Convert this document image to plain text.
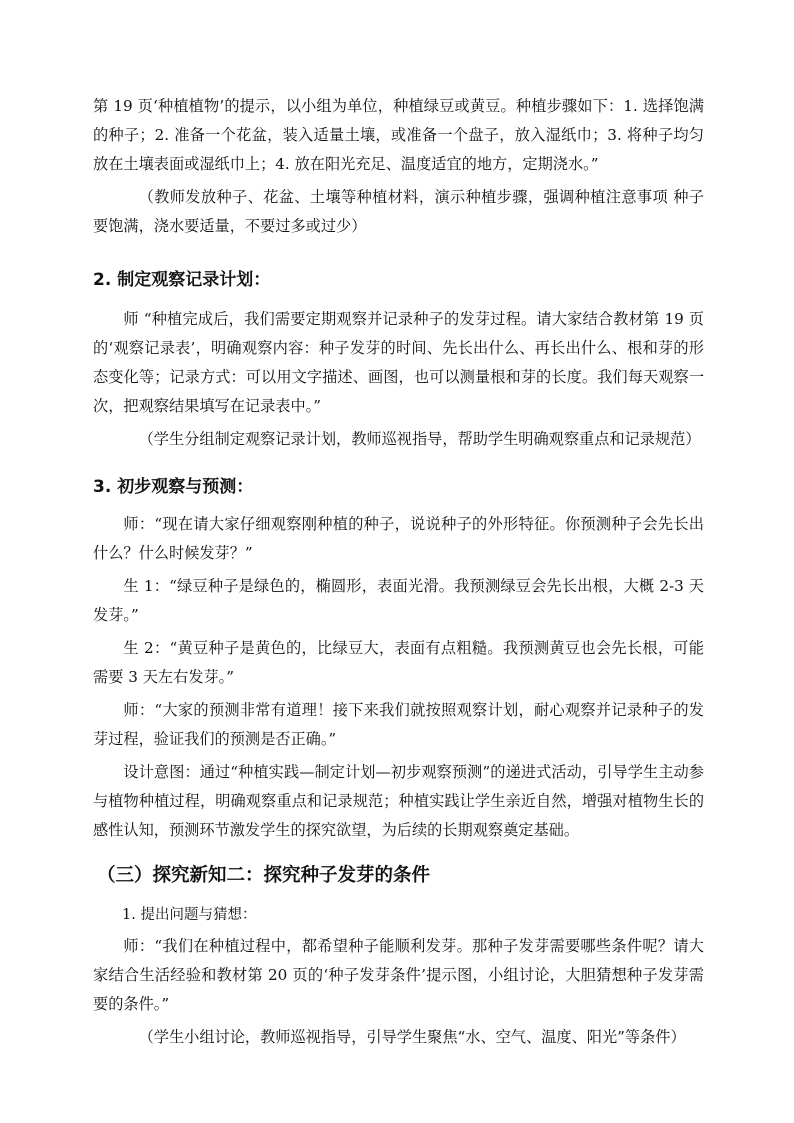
第 19 页‘种植植物’的提示，以小组为单位，种植绿豆或黄豆。种植步骤如下：1. 选择饱满的种子；2. 准备一个花盆，装入适量土壤，或准备一个盘子，放入湿纸巾；3. 将种子均匀放在土壤表面或湿纸巾上；4. 放在阳光充足、温度适宜的地方，定期浇水。”

（教师发放种子、花盆、土壤等种植材料，演示种植步骤，强调种植注意事项 种子要饱满，浇水要适量，不要过多或过少）

2. 制定观察记录计划：

师 “种植完成后，我们需要定期观察并记录种子的发芽过程。请大家结合教材第 19 页的‘观察记录表’，明确观察内容：种子发芽的时间、先长出什么、再长出什么、根和芽的形态变化等；记录方式：可以用文字描述、画图，也可以测量根和芽的长度。我们每天观察一次，把观察结果填写在记录表中。”

（学生分组制定观察记录计划，教师巡视指导，帮助学生明确观察重点和记录规范）

3. 初步观察与预测：

师：“现在请大家仔细观察刚种植的种子，说说种子的外形特征。你预测种子会先长出什么？什么时候发芽？”

生 1：“绿豆种子是绿色的，椭圆形，表面光滑。我预测绿豆会先长出根，大概 2-3 天发芽。”

生 2：“黄豆种子是黄色的，比绿豆大，表面有点粗糙。我预测黄豆也会先长根，可能需要 3 天左右发芽。”

师：“大家的预测非常有道理！接下来我们就按照观察计划，耐心观察并记录种子的发芽过程，验证我们的预测是否正确。”

设计意图：通过“种植实践—制定计划—初步观察预测”的递进式活动，引导学生主动参与植物种植过程，明确观察重点和记录规范；种植实践让学生亲近自然，增强对植物生长的感性认知，预测环节激发学生的探究欲望，为后续的长期观察奠定基础。

（三）探究新知二：探究种子发芽的条件

1. 提出问题与猜想：

师：“我们在种植过程中，都希望种子能顺利发芽。那种子发芽需要哪些条件呢？请大家结合生活经验和教材第 20 页的‘种子发芽条件’提示图，小组讨论，大胆猜想种子发芽需要的条件。”

（学生小组讨论，教师巡视指导，引导学生聚焦“水、空气、温度、阳光”等条件）
